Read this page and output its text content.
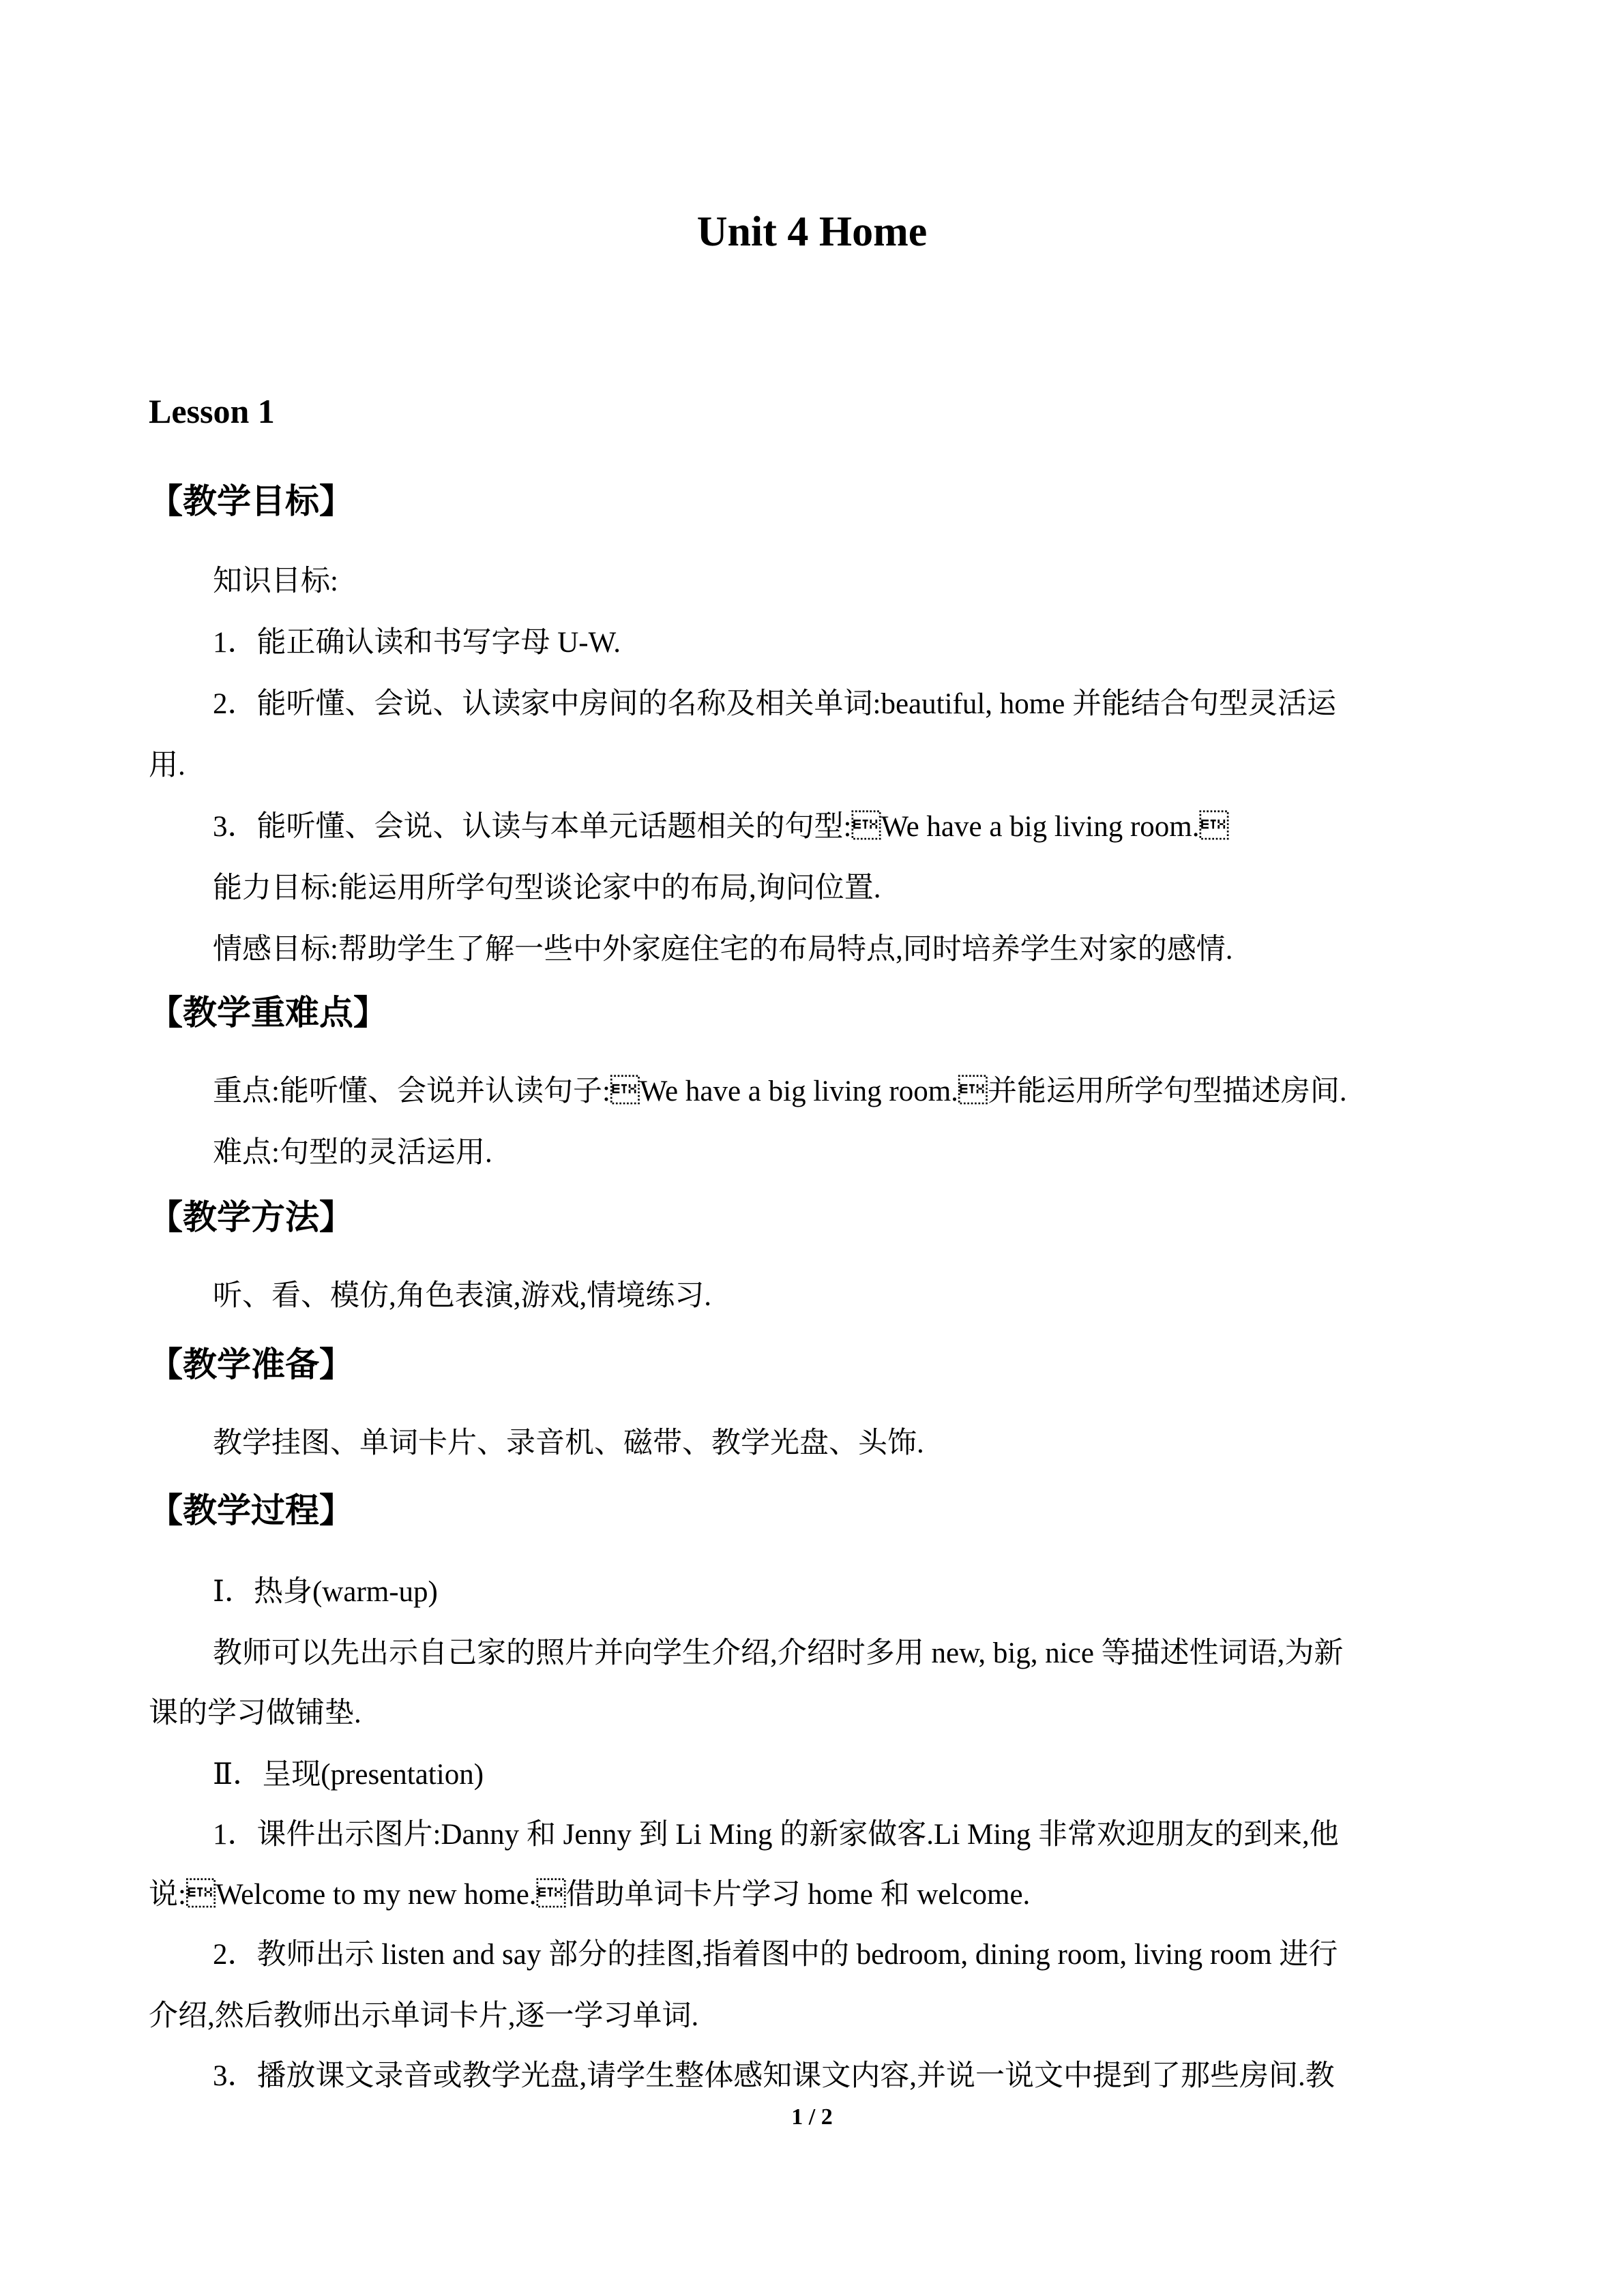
Unit 4 Home
Lesson 1
【教学目标】
知识目标:
1．能正确认读和书写字母 U-W.
2．能听懂、会说、认读家中房间的名称及相关单词:beautiful, home 并能结合句型灵活运
用.
3．能听懂、会说、认读与本单元话题相关的句型:We have a big living room.
能力目标:能运用所学句型谈论家中的布局,询问位置.
情感目标:帮助学生了解一些中外家庭住宅的布局特点,同时培养学生对家的感情.
【教学重难点】
重点:能听懂、会说并认读句子:We have a big living room.并能运用所学句型描述房间.
难点:句型的灵活运用.
【教学方法】
听、看、模仿,角色表演,游戏,情境练习.
【教学准备】
教学挂图、单词卡片、录音机、磁带、教学光盘、头饰.
【教学过程】
Ⅰ．热身(warm-up)
教师可以先出示自己家的照片并向学生介绍,介绍时多用 new, big, nice 等描述性词语,为新
课的学习做铺垫.
Ⅱ．呈现(presentation)
1．课件出示图片:Danny 和 Jenny 到 Li Ming 的新家做客.Li Ming 非常欢迎朋友的到来,他
说:Welcome to my new home.借助单词卡片学习 home 和 welcome.
2．教师出示 listen and say 部分的挂图,指着图中的 bedroom, dining room, living room 进行
介绍,然后教师出示单词卡片,逐一学习单词.
3．播放课文录音或教学光盘,请学生整体感知课文内容,并说一说文中提到了那些房间.教
1 / 2
